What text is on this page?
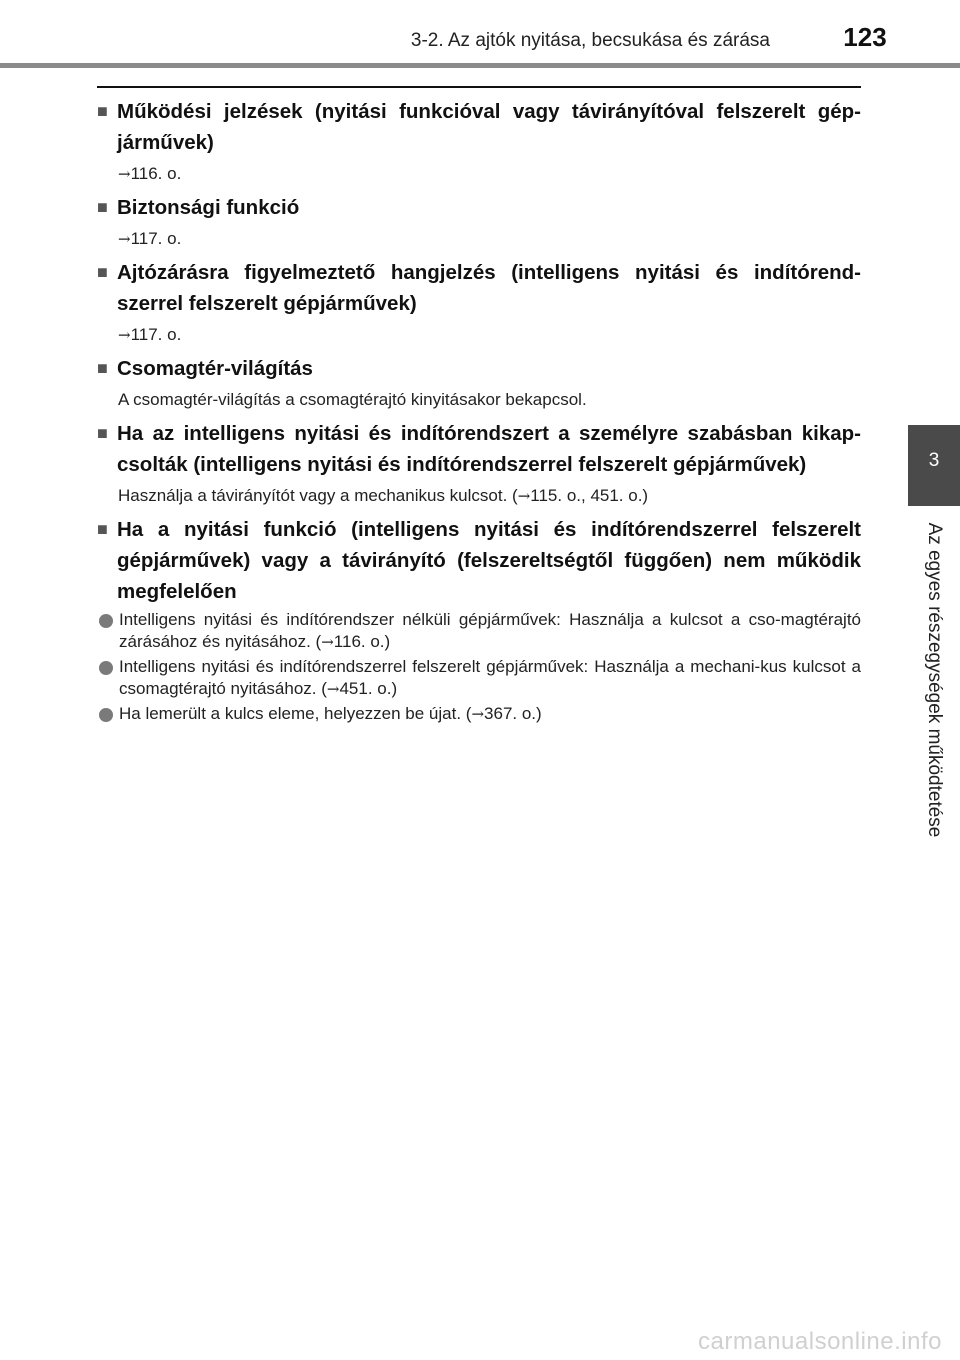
3-2. Az ajtók nyitása, becsukása és zárása	123
3
Az egyes részegységek működtetése
■ Működési jelzések (nyitási funkcióval vagy távirányítóval felszerelt gép-járművek)
→116. o.
■ Biztonsági funkció
→117. o.
■ Ajtózárásra figyelmeztető hangjelzés (intelligens nyitási és indítórend-szerrel felszerelt gépjárművek)
→117. o.
■ Csomagtér-világítás
A csomagtér-világítás a csomagtérajtó kinyitásakor bekapcsol.
■ Ha az intelligens nyitási és indítórendszert a személyre szabásban kikap-csolták (intelligens nyitási és indítórendszerrel felszerelt gépjárművek)
Használja a távirányítót vagy a mechanikus kulcsot. (→115. o., 451. o.)
■ Ha a nyitási funkció (intelligens nyitási és indítórendszerrel felszerelt gépjárművek) vagy a távirányító (felszereltségtől függően) nem működik megfelelően
Intelligens nyitási és indítórendszer nélküli gépjárművek: Használja a kulcsot a cso-magtérajtó zárásához és nyitásához. (→116. o.)
Intelligens nyitási és indítórendszerrel felszerelt gépjárművek: Használja a mechani-kus kulcsot a csomagtérajtó nyitásához. (→451. o.)
Ha lemerült a kulcs eleme, helyezzen be újat. (→367. o.)
carmanualsonline.info
